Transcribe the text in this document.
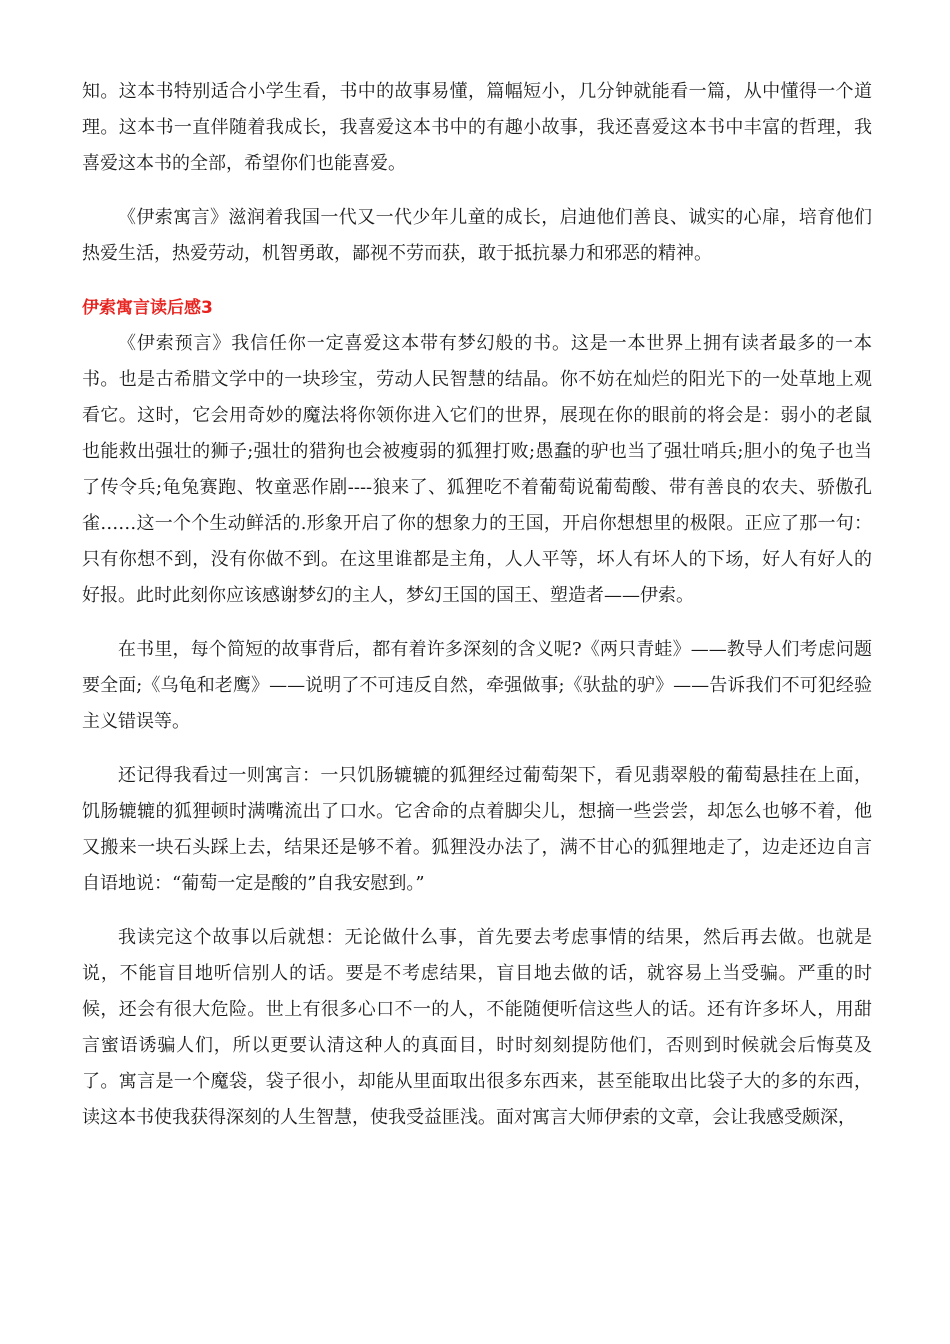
知。这本书特别适合小学生看，书中的故事易懂，篇幅短小，几分钟就能看一篇，从中懂得一个道理。这本书一直伴随着我成长，我喜爱这本书中的有趣小故事，我还喜爱这本书中丰富的哲理，我喜爱这本书的全部，希望你们也能喜爱。

《伊索寓言》滋润着我国一代又一代少年儿童的成长，启迪他们善良、诚实的心扉，培育他们热爱生活，热爱劳动，机智勇敢，鄙视不劳而获，敢于抵抗暴力和邪恶的精神。

伊索寓言读后感3

《伊索预言》我信任你一定喜爱这本带有梦幻般的书。这是一本世界上拥有读者最多的一本书。也是古希腊文学中的一块珍宝，劳动人民智慧的结晶。你不妨在灿烂的阳光下的一处草地上观看它。这时，它会用奇妙的魔法将你领你进入它们的世界，展现在你的眼前的将会是：弱小的老鼠也能救出强壮的狮子;强壮的猎狗也会被瘦弱的狐狸打败;愚蠢的驴也当了强壮哨兵;胆小的兔子也当了传令兵;龟兔赛跑、牧童恶作剧----狼来了、狐狸吃不着葡萄说葡萄酸、带有善良的农夫、骄傲孔雀……这一个个生动鲜活的.形象开启了你的想象力的王国，开启你想想里的极限。正应了那一句：只有你想不到，没有你做不到。在这里谁都是主角，人人平等，坏人有坏人的下场，好人有好人的好报。此时此刻你应该感谢梦幻的主人，梦幻王国的国王、塑造者——伊索。

在书里，每个简短的故事背后，都有着许多深刻的含义呢?《两只青蛙》——教导人们考虑问题要全面;《乌龟和老鹰》——说明了不可违反自然，牵强做事;《驮盐的驴》——告诉我们不可犯经验主义错误等。

还记得我看过一则寓言：一只饥肠辘辘的狐狸经过葡萄架下，看见翡翠般的葡萄悬挂在上面，饥肠辘辘的狐狸顿时满嘴流出了口水。它舍命的点着脚尖儿，想摘一些尝尝，却怎么也够不着，他又搬来一块石头踩上去，结果还是够不着。狐狸没办法了，满不甘心的狐狸地走了，边走还边自言自语地说：“葡萄一定是酸的”自我安慰到。”

我读完这个故事以后就想：无论做什么事，首先要去考虑事情的结果，然后再去做。也就是说，不能盲目地听信别人的话。要是不考虑结果，盲目地去做的话，就容易上当受骗。严重的时候，还会有很大危险。世上有很多心口不一的人，不能随便听信这些人的话。还有许多坏人，用甜言蜜语诱骗人们，所以更要认清这种人的真面目，时时刻刻提防他们，否则到时候就会后悔莫及了。寓言是一个魔袋，袋子很小，却能从里面取出很多东西来，甚至能取出比袋子大的多的东西，读这本书使我获得深刻的人生智慧，使我受益匪浅。面对寓言大师伊索的文章，会让我感受颇深，
